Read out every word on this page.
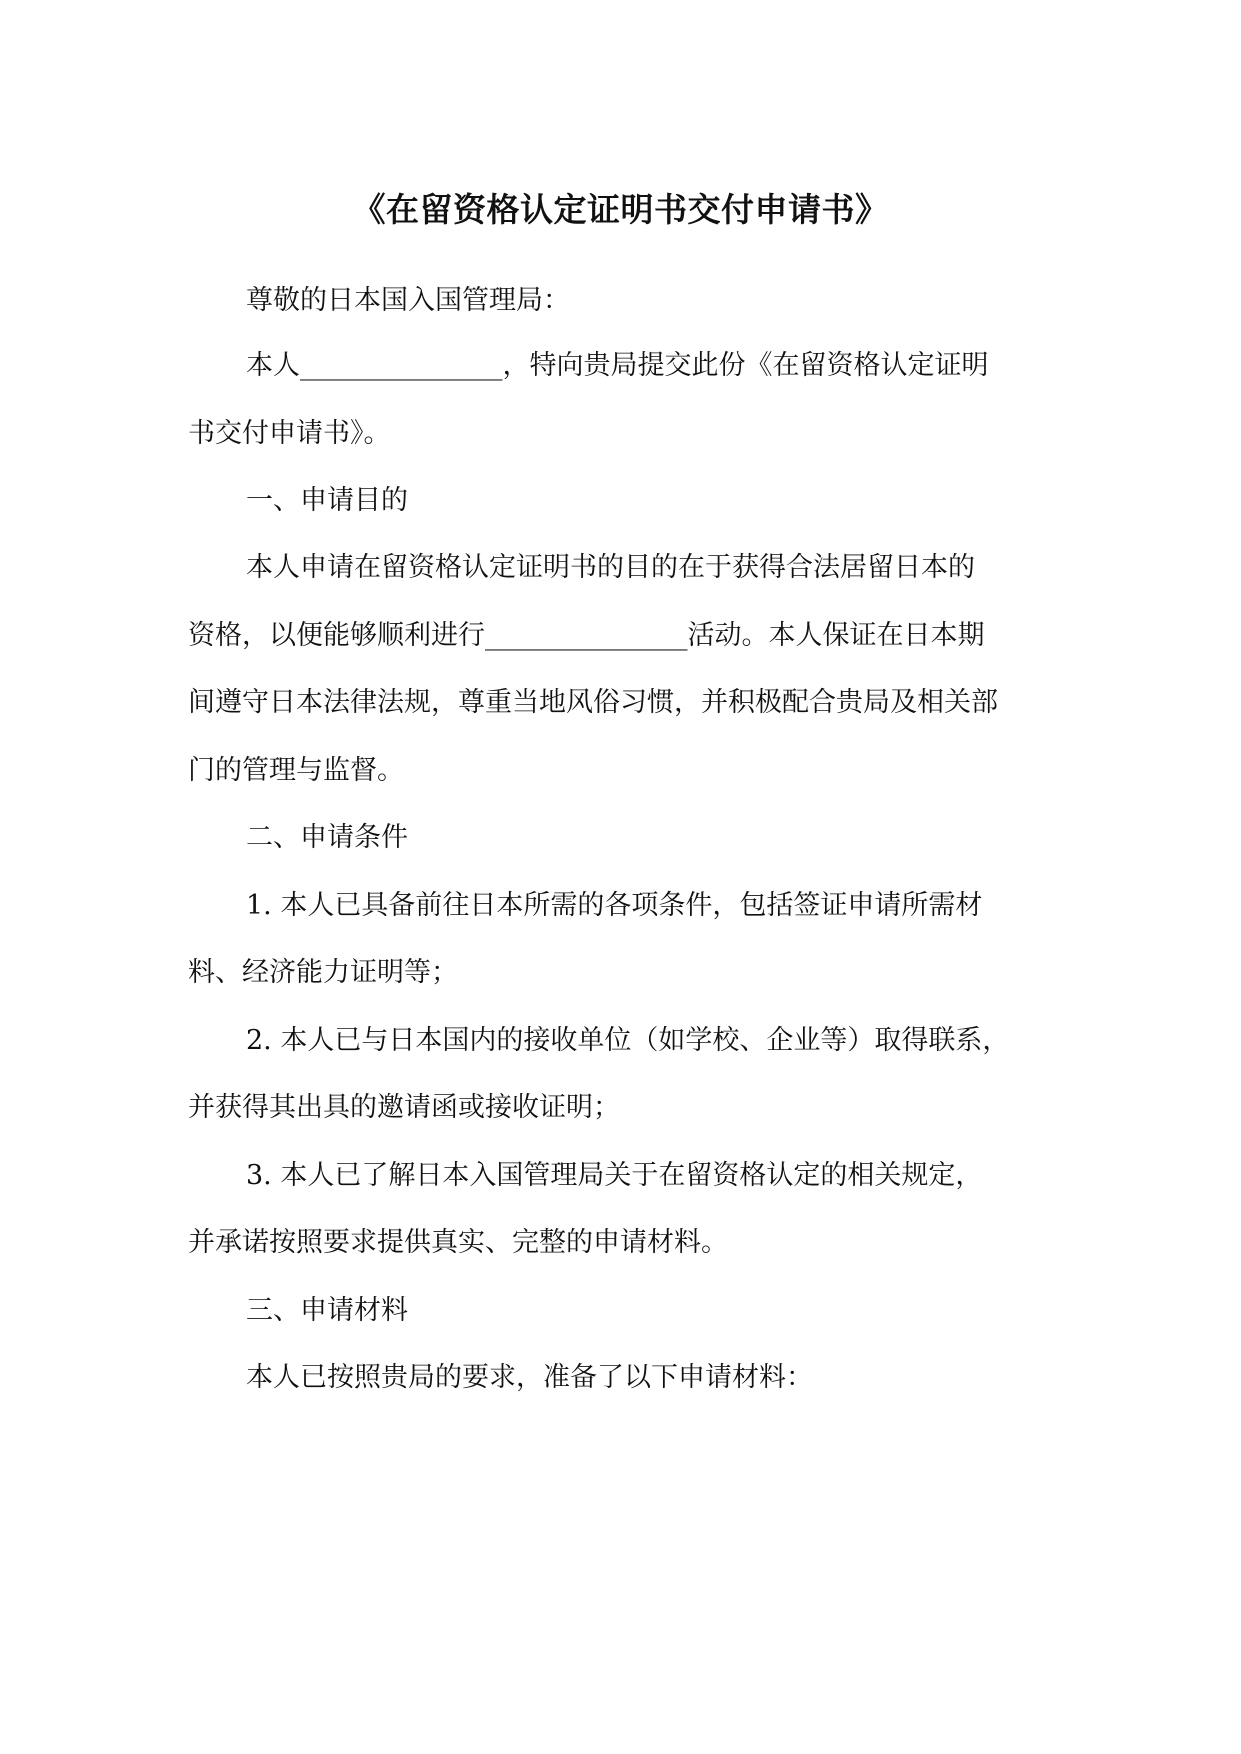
《在留资格认定证明书交付申请书》
尊敬的日本国入国管理局：
本人_______________，特向贵局提交此份《在留资格认定证明
书交付申请书》。
一、申请目的
本人申请在留资格认定证明书的目的在于获得合法居留日本的
资格，以便能够顺利进行_______________活动。本人保证在日本期
间遵守日本法律法规，尊重当地风俗习惯，并积极配合贵局及相关部
门的管理与监督。
二、申请条件
1. 本人已具备前往日本所需的各项条件，包括签证申请所需材
料、经济能力证明等；
2. 本人已与日本国内的接收单位（如学校、企业等）取得联系，
并获得其出具的邀请函或接收证明；
3. 本人已了解日本入国管理局关于在留资格认定的相关规定，
并承诺按照要求提供真实、完整的申请材料。
三、申请材料
本人已按照贵局的要求，准备了以下申请材料：
